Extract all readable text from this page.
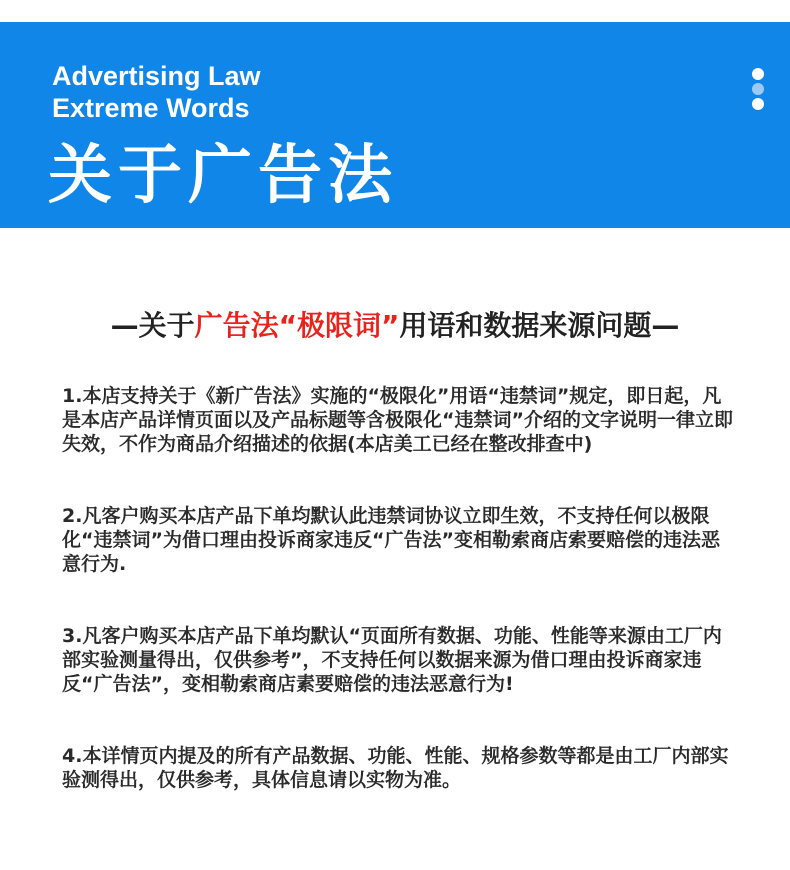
Advertising Law
Extreme Words
关于广告法
—关于广告法“极限词”用语和数据来源问题—
1.本店支持关于《新广告法》实施的“极限化”用语“违禁词”规定，即日起，凡是本店产品详情页面以及产品标题等含极限化“违禁词”介绍的文字说明一律立即失效，不作为商品介绍描述的依据(本店美工已经在整改排查中)
2.凡客户购买本店产品下单均默认此违禁词协议立即生效，不支持任何以极限化“违禁词”为借口理由投诉商家违反“广告法”变相勒索商店索要赔偿的违法恶意行为.
3.凡客户购买本店产品下单均默认“页面所有数据、功能、性能等来源由工厂内部实验测量得出，仅供参考”，不支持任何以数据来源为借口理由投诉商家违反“广告法”，变相勒索商店素要赔偿的违法恶意行为!
4.本详情页内提及的所有产品数据、功能、性能、规格参数等都是由工厂内部实验测得出，仅供参考，具体信息请以实物为准。
